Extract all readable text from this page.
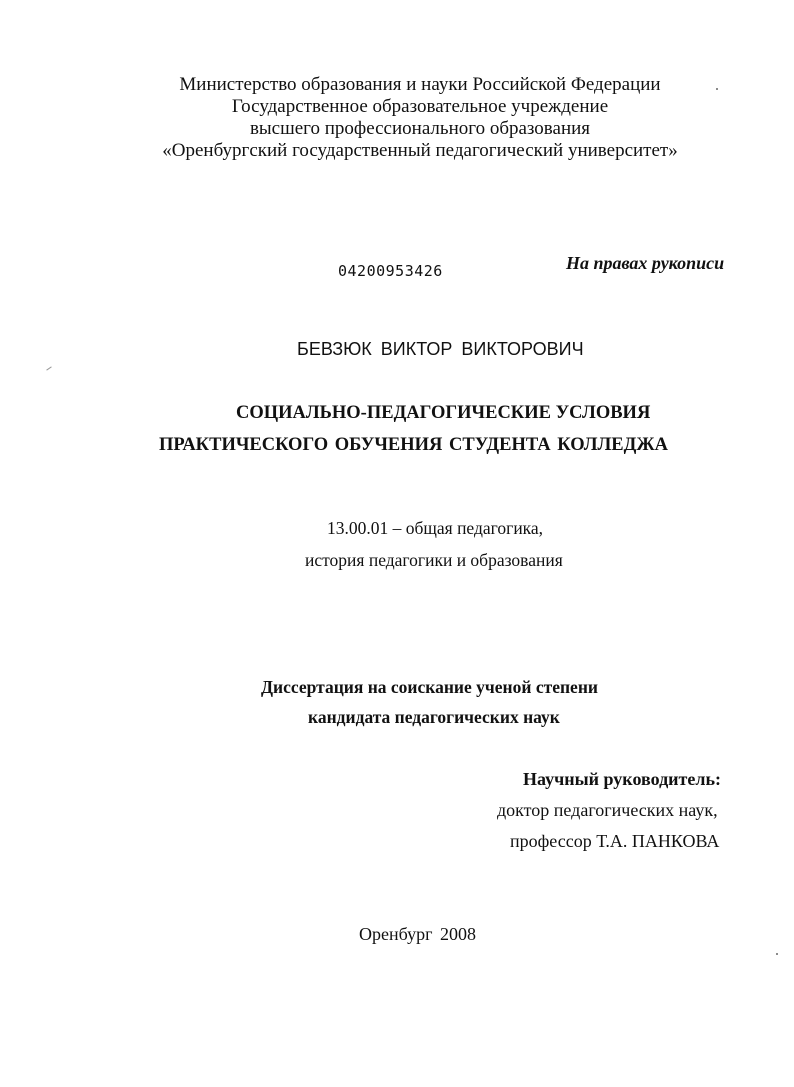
Министерство образования и науки Российской Федерации
Государственное образовательное учреждение
высшего профессионального образования
«Оренбургский государственный педагогический университет»
04200953426	На правах рукописи
БЕВЗЮК ВИКТОР ВИКТОРОВИЧ
СОЦИАЛЬНО-ПЕДАГОГИЧЕСКИЕ УСЛОВИЯ
ПРАКТИЧЕСКОГО ОБУЧЕНИЯ СТУДЕНТА КОЛЛЕДЖА
13.00.01 – общая педагогика,
история педагогики и образования
Диссертация на соискание ученой степени
кандидата педагогических наук
Научный руководитель:
доктор педагогических наук,
профессор Т.А. ПАНКОВА
Оренбург 2008
